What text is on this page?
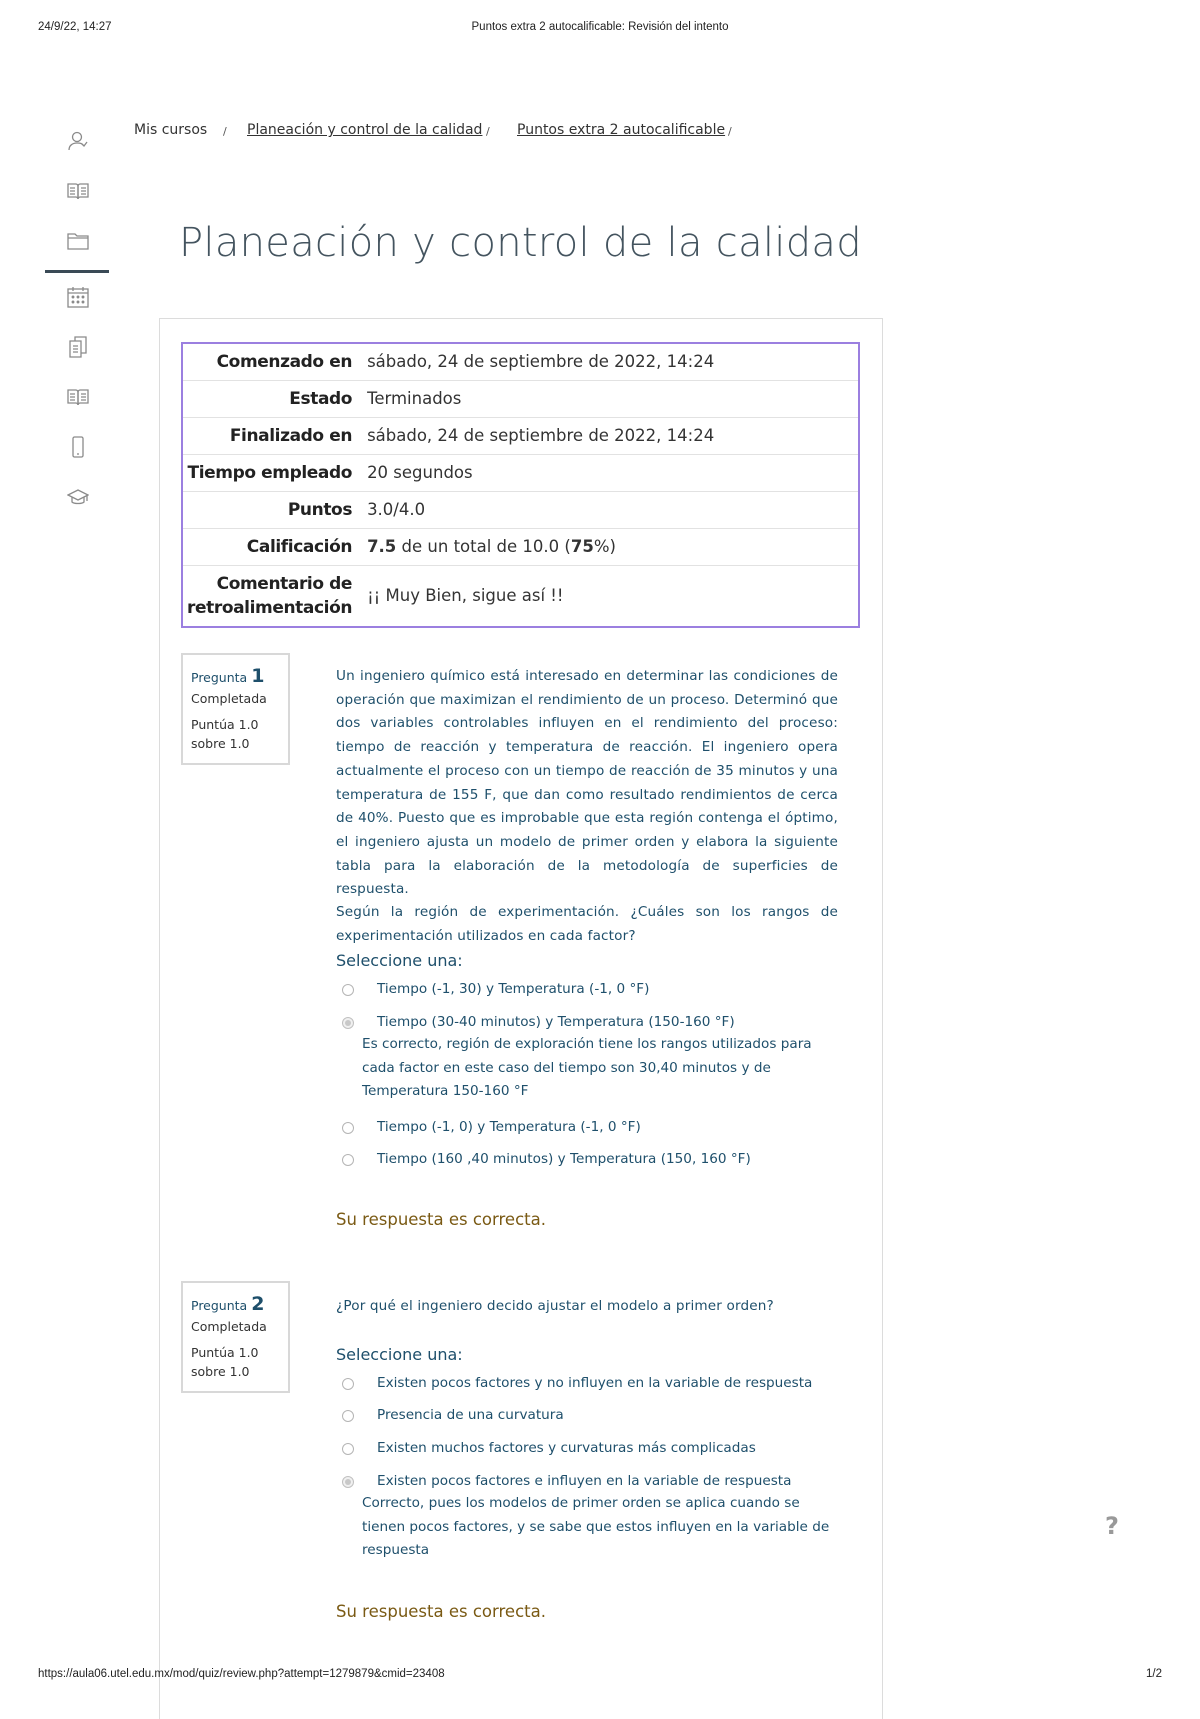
24/9/22, 14:27	Puntos extra 2 autocalificable: Revisión del intento
Mis cursos / Planeación y control de la calidad / Puntos extra 2 autocalificable /
Planeación y control de la calidad
Comenzado en	sábado, 24 de septiembre de 2022, 14:24
Estado	Terminados
Finalizado en	sábado, 24 de septiembre de 2022, 14:24
Tiempo empleado	20 segundos
Puntos	3.0/4.0
Calificación	7.5 de un total de 10.0 (75%)
Comentario de retroalimentación	¡¡ Muy Bien, sigue así !!
Pregunta 1
Completada
Puntúa 1.0
sobre 1.0
Un ingeniero químico está interesado en determinar las condiciones de operación que maximizan el rendimiento de un proceso. Determinó que dos variables controlables influyen en el rendimiento del proceso: tiempo de reacción y temperatura de reacción. El ingeniero opera actualmente el proceso con un tiempo de reacción de 35 minutos y una temperatura de 155 F, que dan como resultado rendimientos de cerca de 40%. Puesto que es improbable que esta región contenga el óptimo, el ingeniero ajusta un modelo de primer orden y elabora la siguiente tabla para la elaboración de la metodología de superficies de respuesta.
Según la región de experimentación. ¿Cuáles son los rangos de experimentación utilizados en cada factor?
Seleccione una:
Tiempo (-1, 30) y Temperatura (-1, 0 °F)
Tiempo (30-40 minutos) y Temperatura (150-160 °F)
Es correcto, región de exploración tiene los rangos utilizados para cada factor en este caso del tiempo son 30,40 minutos y de Temperatura 150-160 °F
Tiempo (-1, 0) y Temperatura (-1, 0 °F)
Tiempo (160 ,40 minutos) y Temperatura (150, 160 °F)
Su respuesta es correcta.
Pregunta 2
Completada
Puntúa 1.0
sobre 1.0
¿Por qué el ingeniero decido ajustar el modelo a primer orden?
Seleccione una:
Existen pocos factores y no influyen en la variable de respuesta
Presencia de una curvatura
Existen muchos factores y curvaturas más complicadas
Existen pocos factores e influyen en la variable de respuesta
Correcto, pues los modelos de primer orden se aplica cuando se tienen pocos factores, y se sabe que estos influyen en la variable de respuesta
Su respuesta es correcta.
?
https://aula06.utel.edu.mx/mod/quiz/review.php?attempt=1279879&cmid=23408	1/2
